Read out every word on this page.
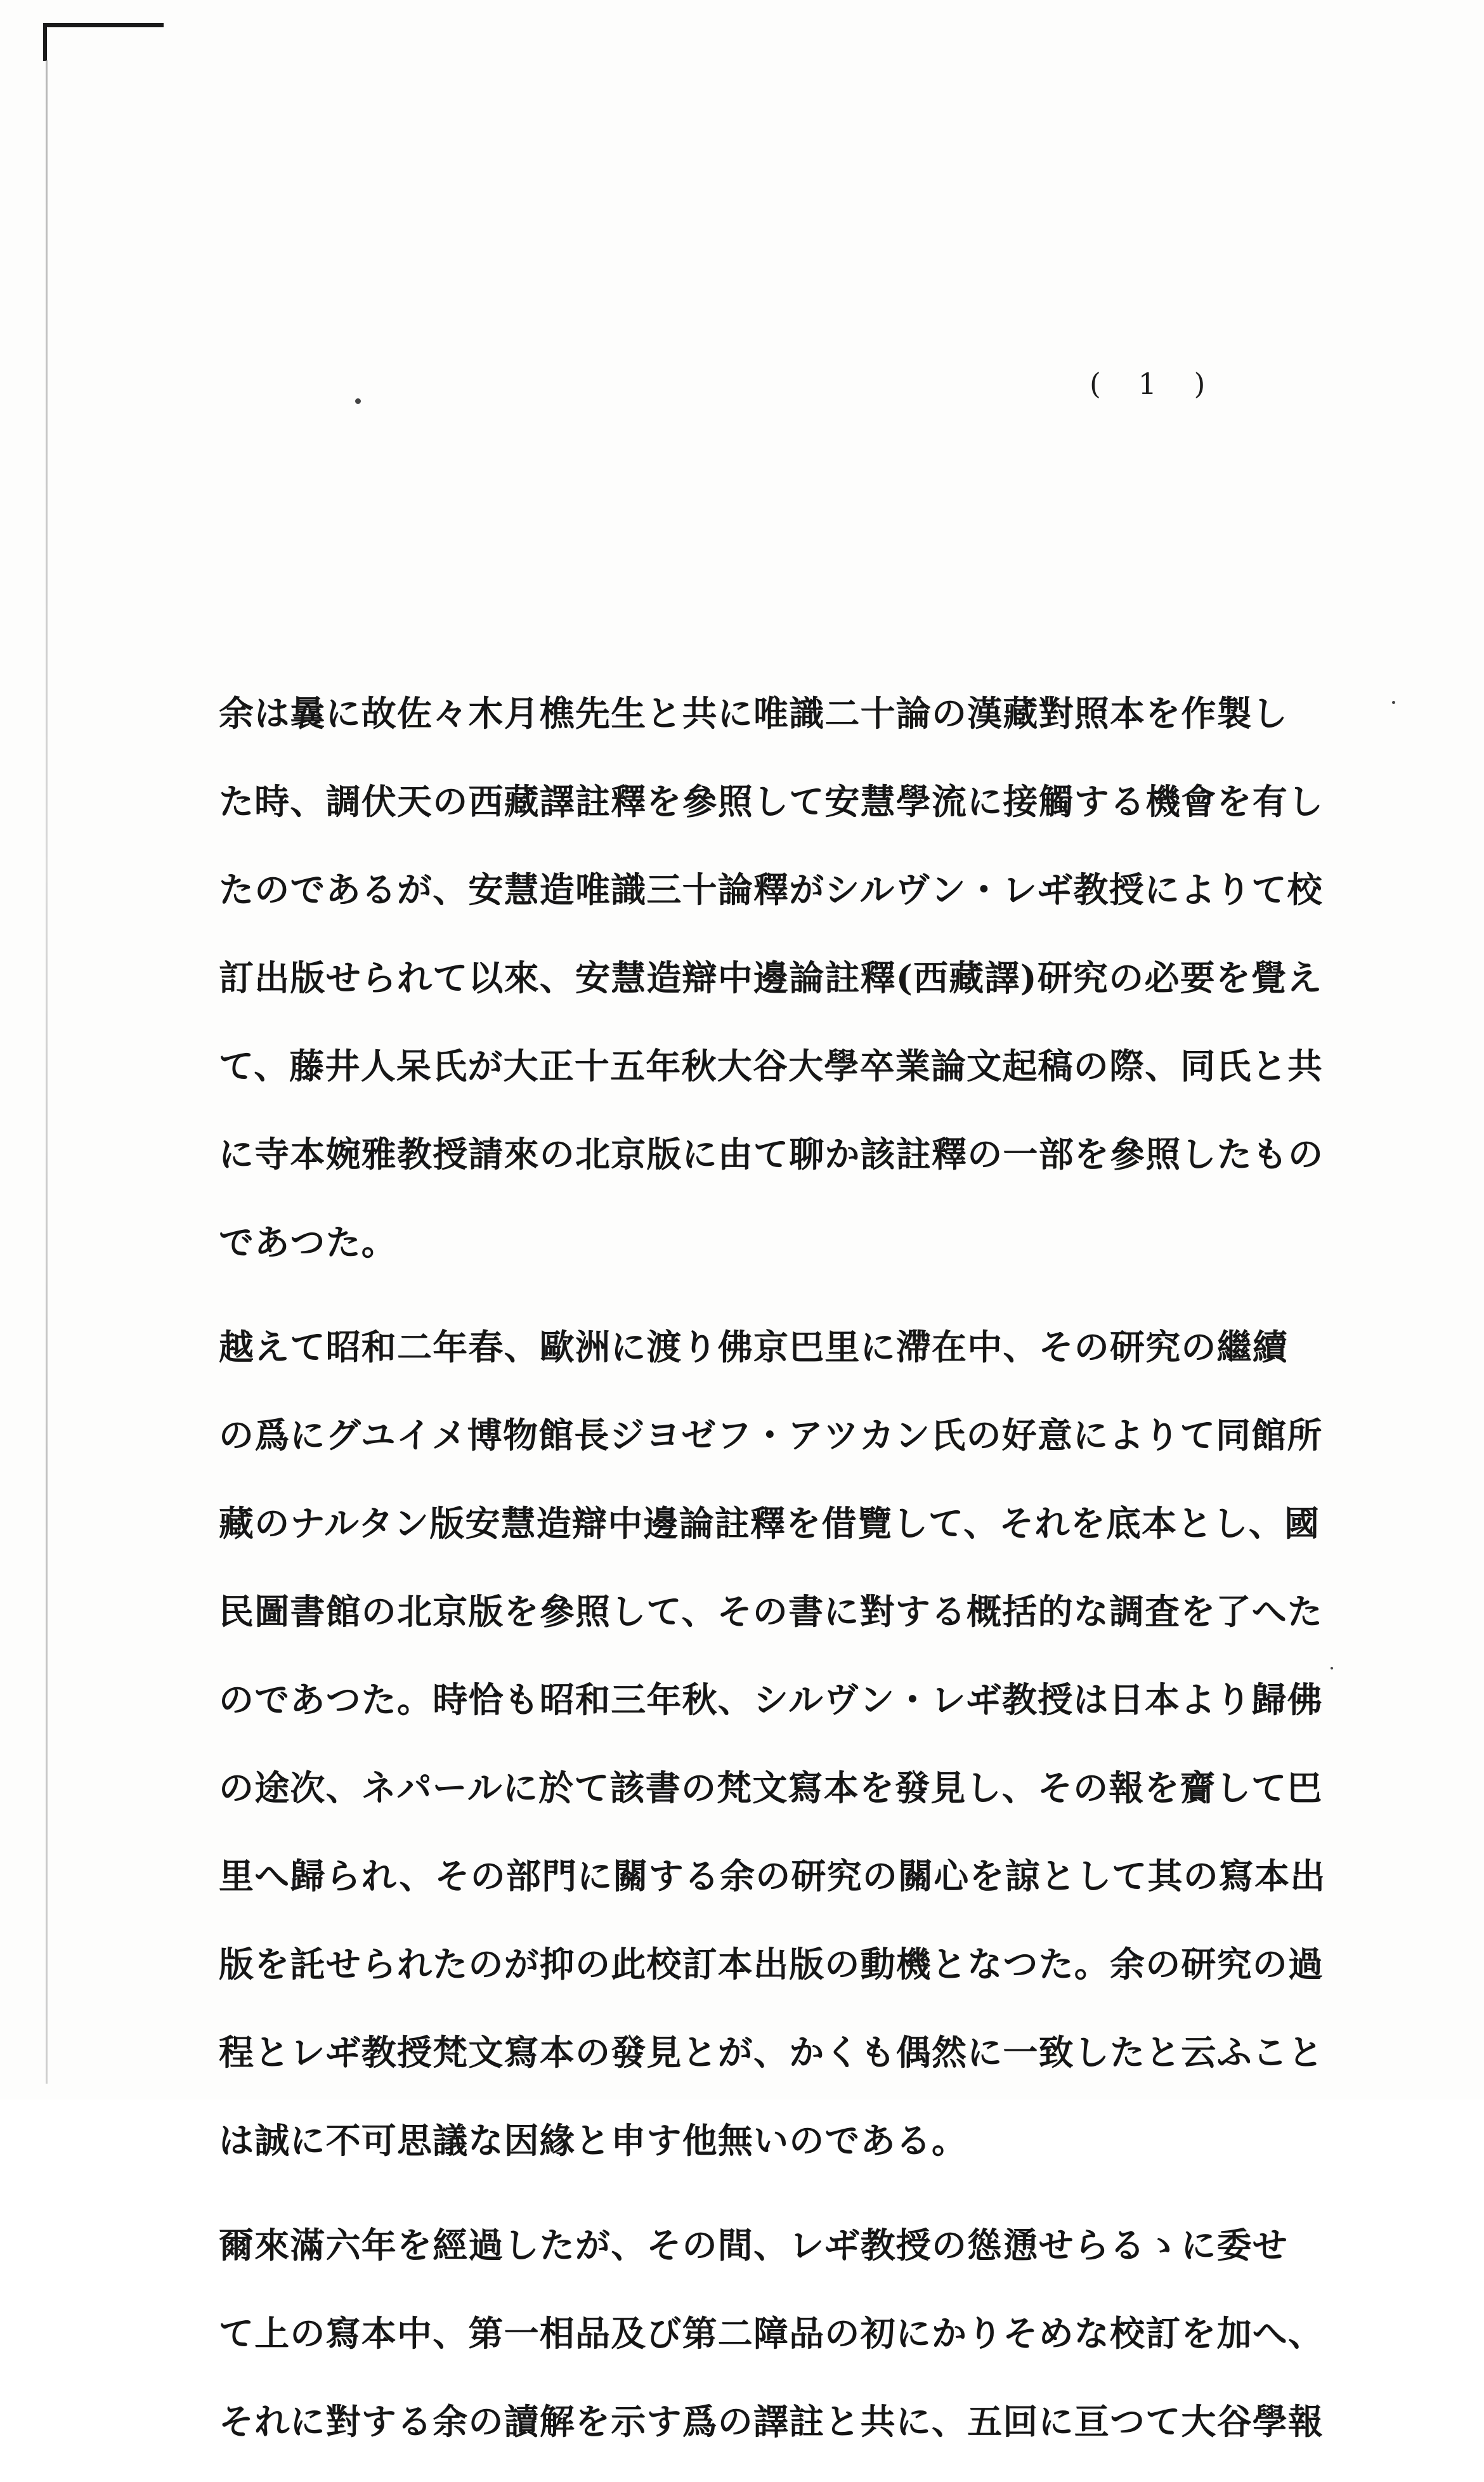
( 1 )
余は曩に故佐々木月樵先生と共に唯識二十論の漢藏對照本を作製し
た時、調伏天の西藏譯註釋を參照して安慧學流に接觸する機會を有し
たのであるが、安慧造唯識三十論釋がシルヴン・レヸ教授によりて校
訂出版せられて以來、安慧造辯中邊論註釋(西藏譯)研究の必要を覺え
て、藤井人呆氏が大正十五年秋大谷大學卒業論文起稿の際、同氏と共
に寺本婉雅教授請來の北京版に由て聊か該註釋の一部を參照したもの
であつた。
越えて昭和二年春、歐洲に渡り佛京巴里に滯在中、その研究の繼續
の爲にグユイメ博物館長ジヨゼフ・アツカン氏の好意によりて同館所
藏のナルタン版安慧造辯中邊論註釋を借覽して、それを底本とし、國
民圖書館の北京版を參照して、その書に對する概括的な調査を了へた
のであつた。時恰も昭和三年秋、シルヴン・レヸ教授は日本より歸佛
の途次、ネパールに於て該書の梵文寫本を發見し、その報を齎して巴
里へ歸られ、その部門に關する余の研究の關心を諒として其の寫本出
版を託せられたのが抑の此校訂本出版の動機となつた。余の研究の過
程とレヸ教授梵文寫本の發見とが、かくも偶然に一致したと云ふこと
は誠に不可思議な因緣と申す他無いのである。
爾來滿六年を經過したが、その間、レヸ教授の慫慂せらるゝに委せ
て上の寫本中、第一相品及び第二障品の初にかりそめな校訂を加へ、
それに對する余の讀解を示す爲の譯註と共に、五回に亘つて大谷學報
